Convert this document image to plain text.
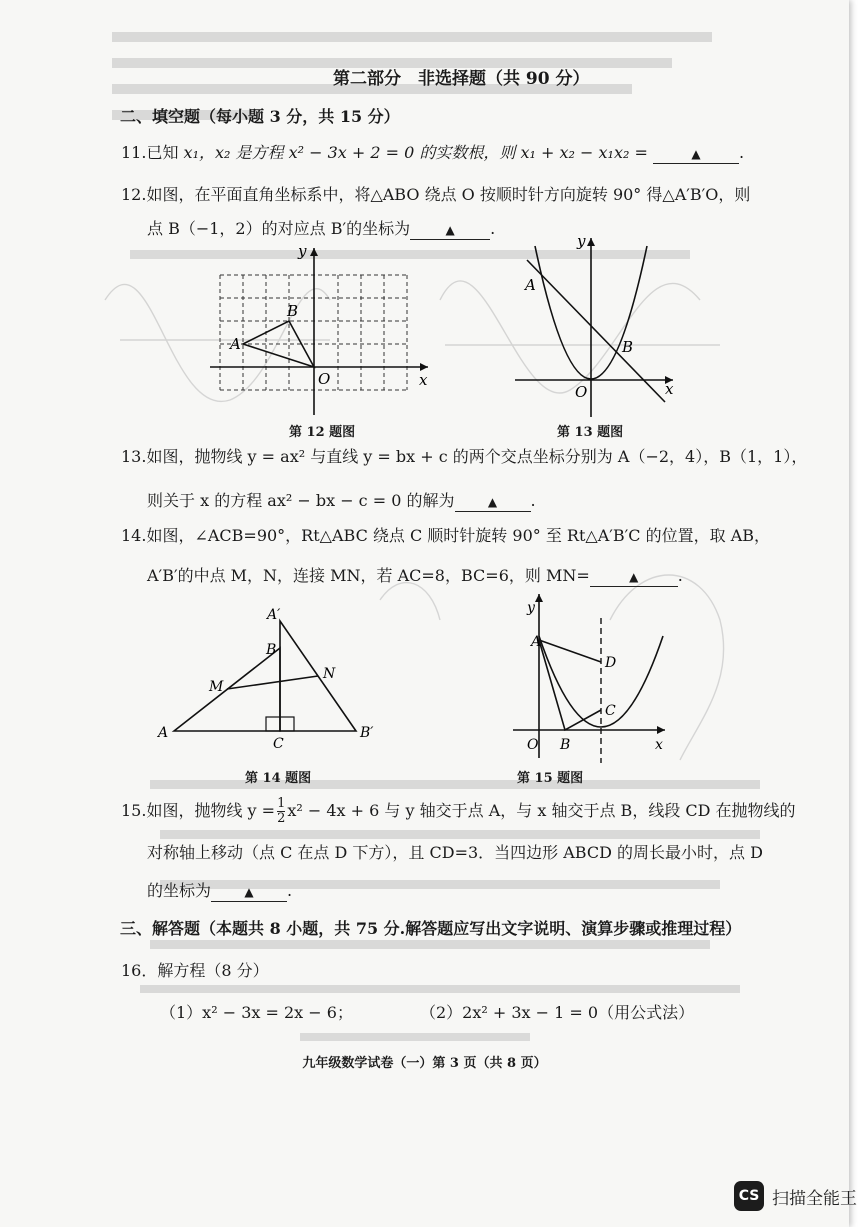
第二部分　非选择题（共 90 分）
二、填空题（每小题 3 分，共 15 分）
11.已知 x₁，x₂ 是方程 x² − 3x + 2 = 0 的实数根，则 x₁ + x₂ − x₁x₂ =	▲ .
12.如图，在平面直角坐标系中，将△ABO 绕点 O 按顺时针方向旋转 90° 得△A′B′O，则
点 B（−1，2）的对应点 B′的坐标为	▲ .
A
B
O	x
y
第 12 题图
A
B
O	x
y
第 13 题图
13.如图，抛物线 y = ax² 与直线 y = bx + c 的两个交点坐标分别为 A（−2，4），B（1，1），
则关于 x 的方程 ax² − bx − c = 0 的解为	▲ .
14.如图，∠ACB=90°，Rt△ABC 绕点 C 顺时针旋转 90° 至 Rt△A′B′C 的位置，取 AB，
A′B′的中点 M，N，连接 MN，若 AC=8，BC=6，则 MN=	▲ .
A′
B
M
N
A
C
B′
第 14 题图
y
A
D
C
O B	x
第 15 题图
15.如图，抛物线 $y = \frac{1}{2} x^2 - 4x + 6$ 与 y 轴交于点 A，与 x 轴交于点 B，线段 CD 在抛物线的
对称轴上移动（点 C 在点 D 下方），且 CD=3．当四边形 ABCD 的周长最小时，点 D
的坐标为	▲ .
三、解答题（本题共 8 小题，共 75 分.解答题应写出文字说明、演算步骤或推理过程）
16．解方程（8 分）
（1）x² − 3x = 2x − 6；	（2）2x² + 3x − 1 = 0（用公式法）
九年级数学试卷（一）第 3 页（共 8 页）
CS 扫描全能王
